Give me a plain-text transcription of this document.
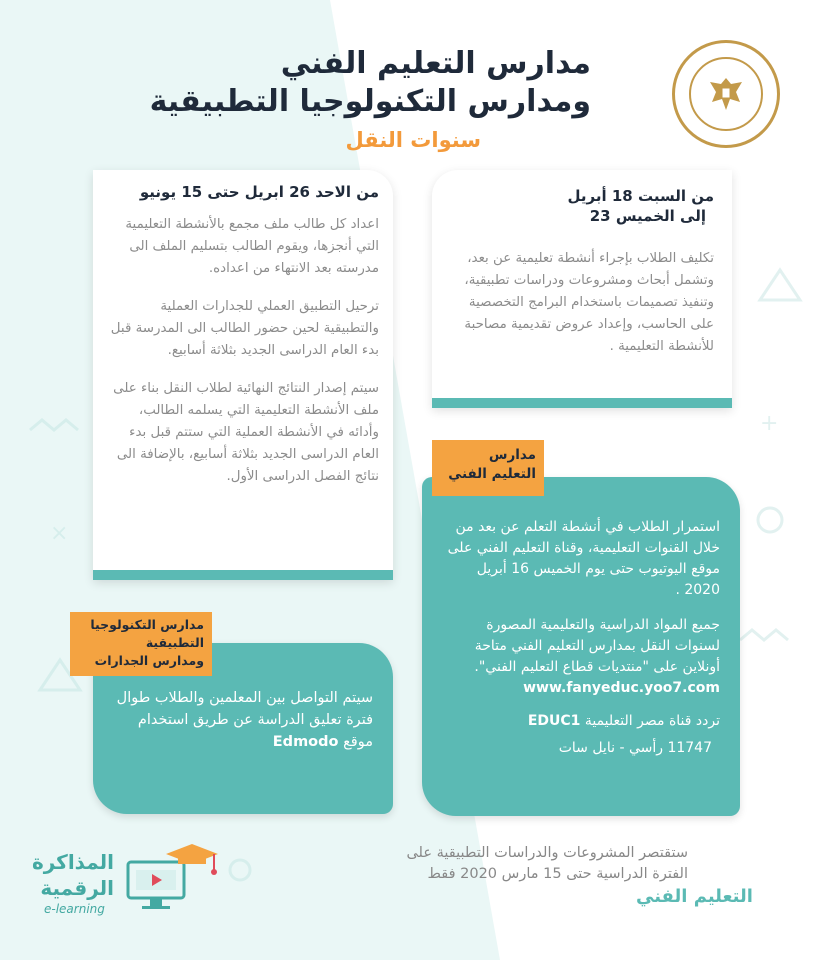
×
+
مدارس التعليم الفني
ومدارس التكنولوجيا التطبيقية
سنوات النقل
من السبت 18 أبريل
إلى الخميس 23
تكليف الطلاب بإجراء أنشطة تعليمية عن بعد، وتشمل أبحاث ومشروعات ودراسات تطبيقية، وتنفيذ تصميمات باستخدام البرامج التخصصية على الحاسب، وإعداد عروض تقديمية مصاحبة للأنشطة التعليمية .
من الاحد 26 ابريل حتى 15 يونيو
اعداد كل طالب ملف مجمع بالأنشطة التعليمية التي أنجزها، ويقوم الطالب بتسليم الملف الى مدرسته بعد الانتهاء من اعداده.
ترحيل التطبيق العملي للجدارات العملية والتطبيقية لحين حضور الطالب الى المدرسة قبل بدء العام الدراسى الجديد بثلاثة أسابيع.
سيتم إصدار النتائج النهائية لطلاب النقل بناء على ملف الأنشطة التعليمية التي يسلمه الطالب، وأدائه في الأنشطة العملية التي ستتم قبل بدء العام الدراسى الجديد بثلاثة أسابيع، بالإضافة الى نتائج الفصل الدراسى الأول.
استمرار الطلاب في أنشطة التعلم عن بعد من خلال القنوات التعليمية، وقناة التعليم الفني على موقع اليوتيوب حتى يوم الخميس 16 أبريل 2020 .
جميع المواد الدراسية والتعليمية المصورة لسنوات النقل بمدارس التعليم الفني متاحة أونلاين على "منتديات قطاع التعليم الفني".
www.fanyeduc.yoo7.com
تردد قناة مصر التعليمية EDUC1
11747 رأسي - نايل سات
مدارس
التعليم الفني
سيتم التواصل بين المعلمين والطلاب طوال فترة تعليق الدراسة عن طريق استخدام موقع Edmodo
مدارس التكنولوجيا
التطبيقية
ومدارس الجدارات
ستقتصر المشروعات والدراسات التطبيقية على الفترة الدراسية حتى 15 مارس 2020 فقط
التعليم الفني
المذاكرة
الرقمية
e-learning
